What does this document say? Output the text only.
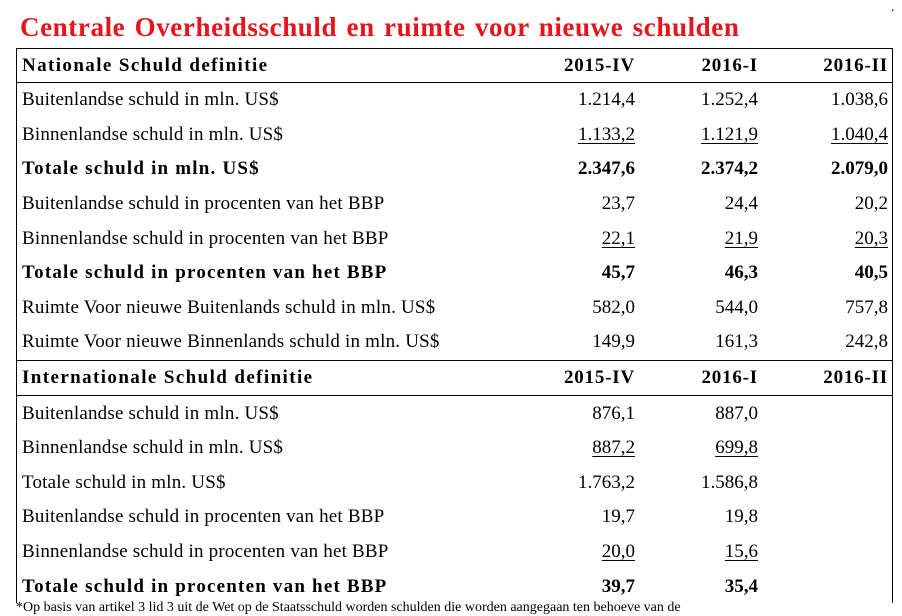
Centrale Overheidsschuld en ruimte voor nieuwe schulden
.
Nationale Schuld definitie	2015-IV	2016-I	2016-II
Buitenlandse schuld in mln. US$	1.214,4	1.252,4	1.038,6
Binnenlandse schuld in mln. US$	1.133,2	1.121,9	1.040,4
Totale schuld in mln. US$	2.347,6	2.374,2	2.079,0
Buitenlandse schuld in procenten van het BBP	23,7	24,4	20,2
Binnenlandse schuld in procenten van het BBP	22,1	21,9	20,3
Totale schuld in procenten van het BBP	45,7	46,3	40,5
Ruimte Voor nieuwe Buitenlands schuld in mln. US$	582,0	544,0	757,8
Ruimte Voor nieuwe Binnenlands schuld in mln. US$	149,9	161,3	242,8
Internationale Schuld definitie	2015-IV	2016-I	2016-II
Buitenlandse schuld in mln. US$	876,1	887,0	
Binnenlandse schuld in mln. US$	887,2	699,8	
Totale schuld in mln. US$	1.763,2	1.586,8	
Buitenlandse schuld in procenten van het BBP	19,7	19,8	
Binnenlandse schuld in procenten van het BBP	20,0	15,6	
Totale schuld in procenten van het BBP	39,7	35,4	
*Op basis van artikel 3 lid 3 uit de Wet op de Staatsschuld worden schulden die worden aangegaan ten behoeve van de
